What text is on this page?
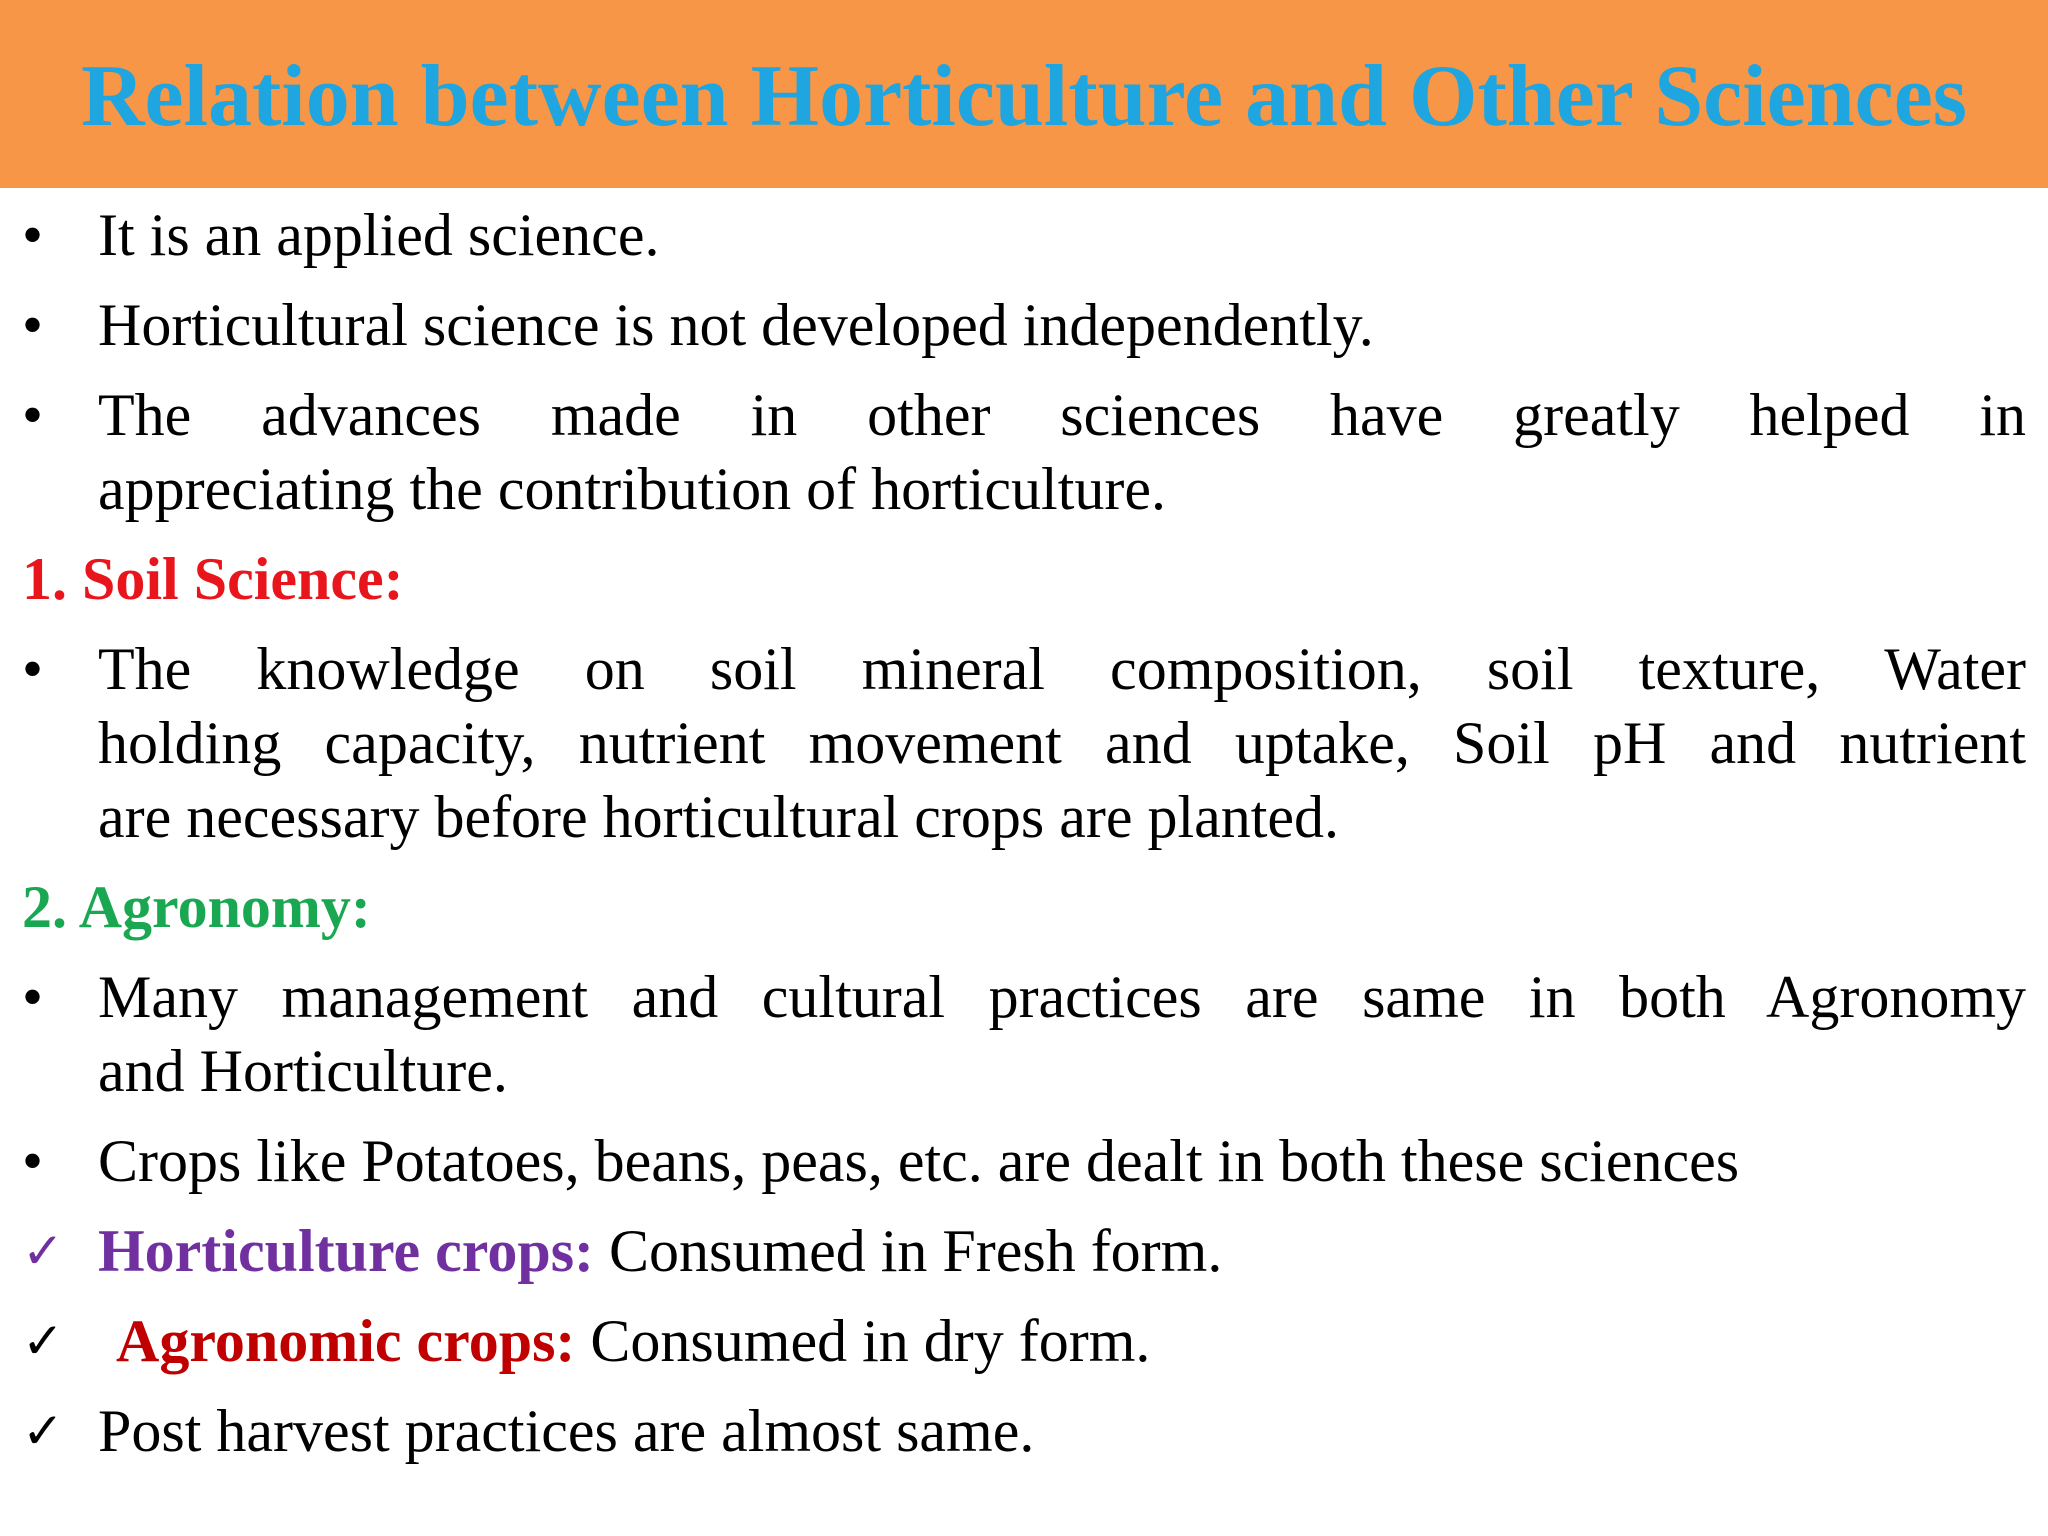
Relation between Horticulture and Other Sciences
• It is an applied science.
• Horticultural science is not developed independently.
• The advances made in other sciences have greatly helped in
appreciating the contribution of horticulture.
1. Soil Science:
• The knowledge on soil mineral composition, soil texture, Water
holding capacity, nutrient movement and uptake, Soil pH and nutrient
are necessary before horticultural crops are planted.
2. Agronomy:
• Many management and cultural practices are same in both Agronomy
and Horticulture.
• Crops like Potatoes, beans, peas, etc. are dealt in both these sciences
✓ Horticulture crops: Consumed in Fresh form.
✓ Agronomic crops: Consumed in dry form.
✓ Post harvest practices are almost same.
